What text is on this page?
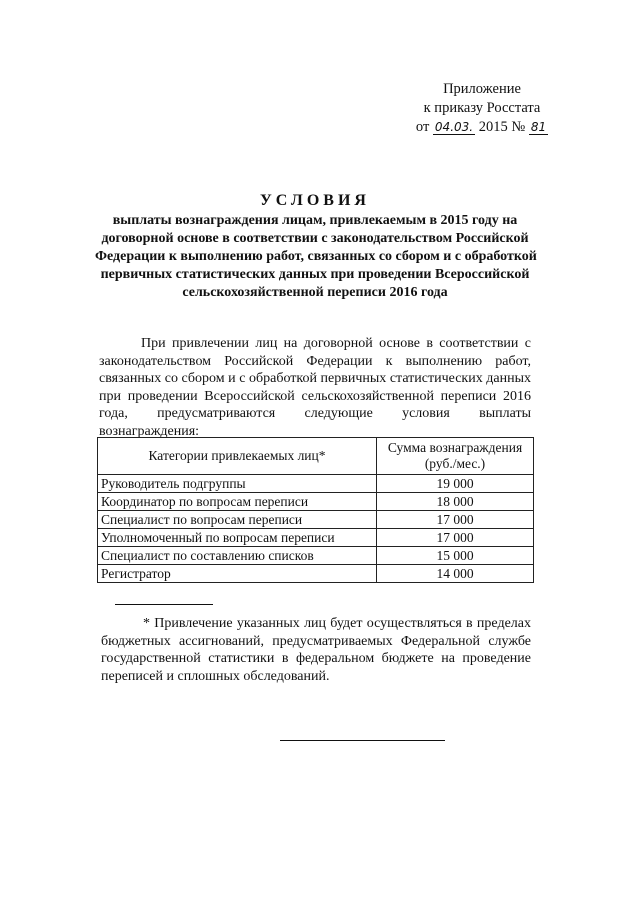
Приложение
к приказу Росстата
от 04.03. 2015 № 81
УСЛОВИЯ
выплаты вознаграждения лицам, привлекаемым в 2015 году на
договорной основе в соответствии с законодательством Российской
Федерации к выполнению работ, связанных со сбором и с обработкой
первичных статистических данных при проведении Всероссийской
сельскохозяйственной переписи 2016 года

При привлечении лиц на договорной основе в соответствии с законодательством Российской Федерации к выполнению работ, связанных со сбором и с обработкой первичных статистических данных при проведении Всероссийской сельскохозяйственной переписи 2016 года, предусматриваются следующие условия выплаты вознаграждения:

Категории привлекаемых лиц*	Сумма вознаграждения
(руб./мес.)
Руководитель подгруппы	19 000
Координатор по вопросам переписи	18 000
Специалист по вопросам переписи	17 000
Уполномоченный по вопросам переписи	17 000
Специалист по составлению списков	15 000
Регистратор	14 000

* Привлечение указанных лиц будет осуществляться в пределах бюджетных ассигнований, предусматриваемых Федеральной службе государственной статистики в федеральном бюджете на проведение переписей и сплошных обследований.
